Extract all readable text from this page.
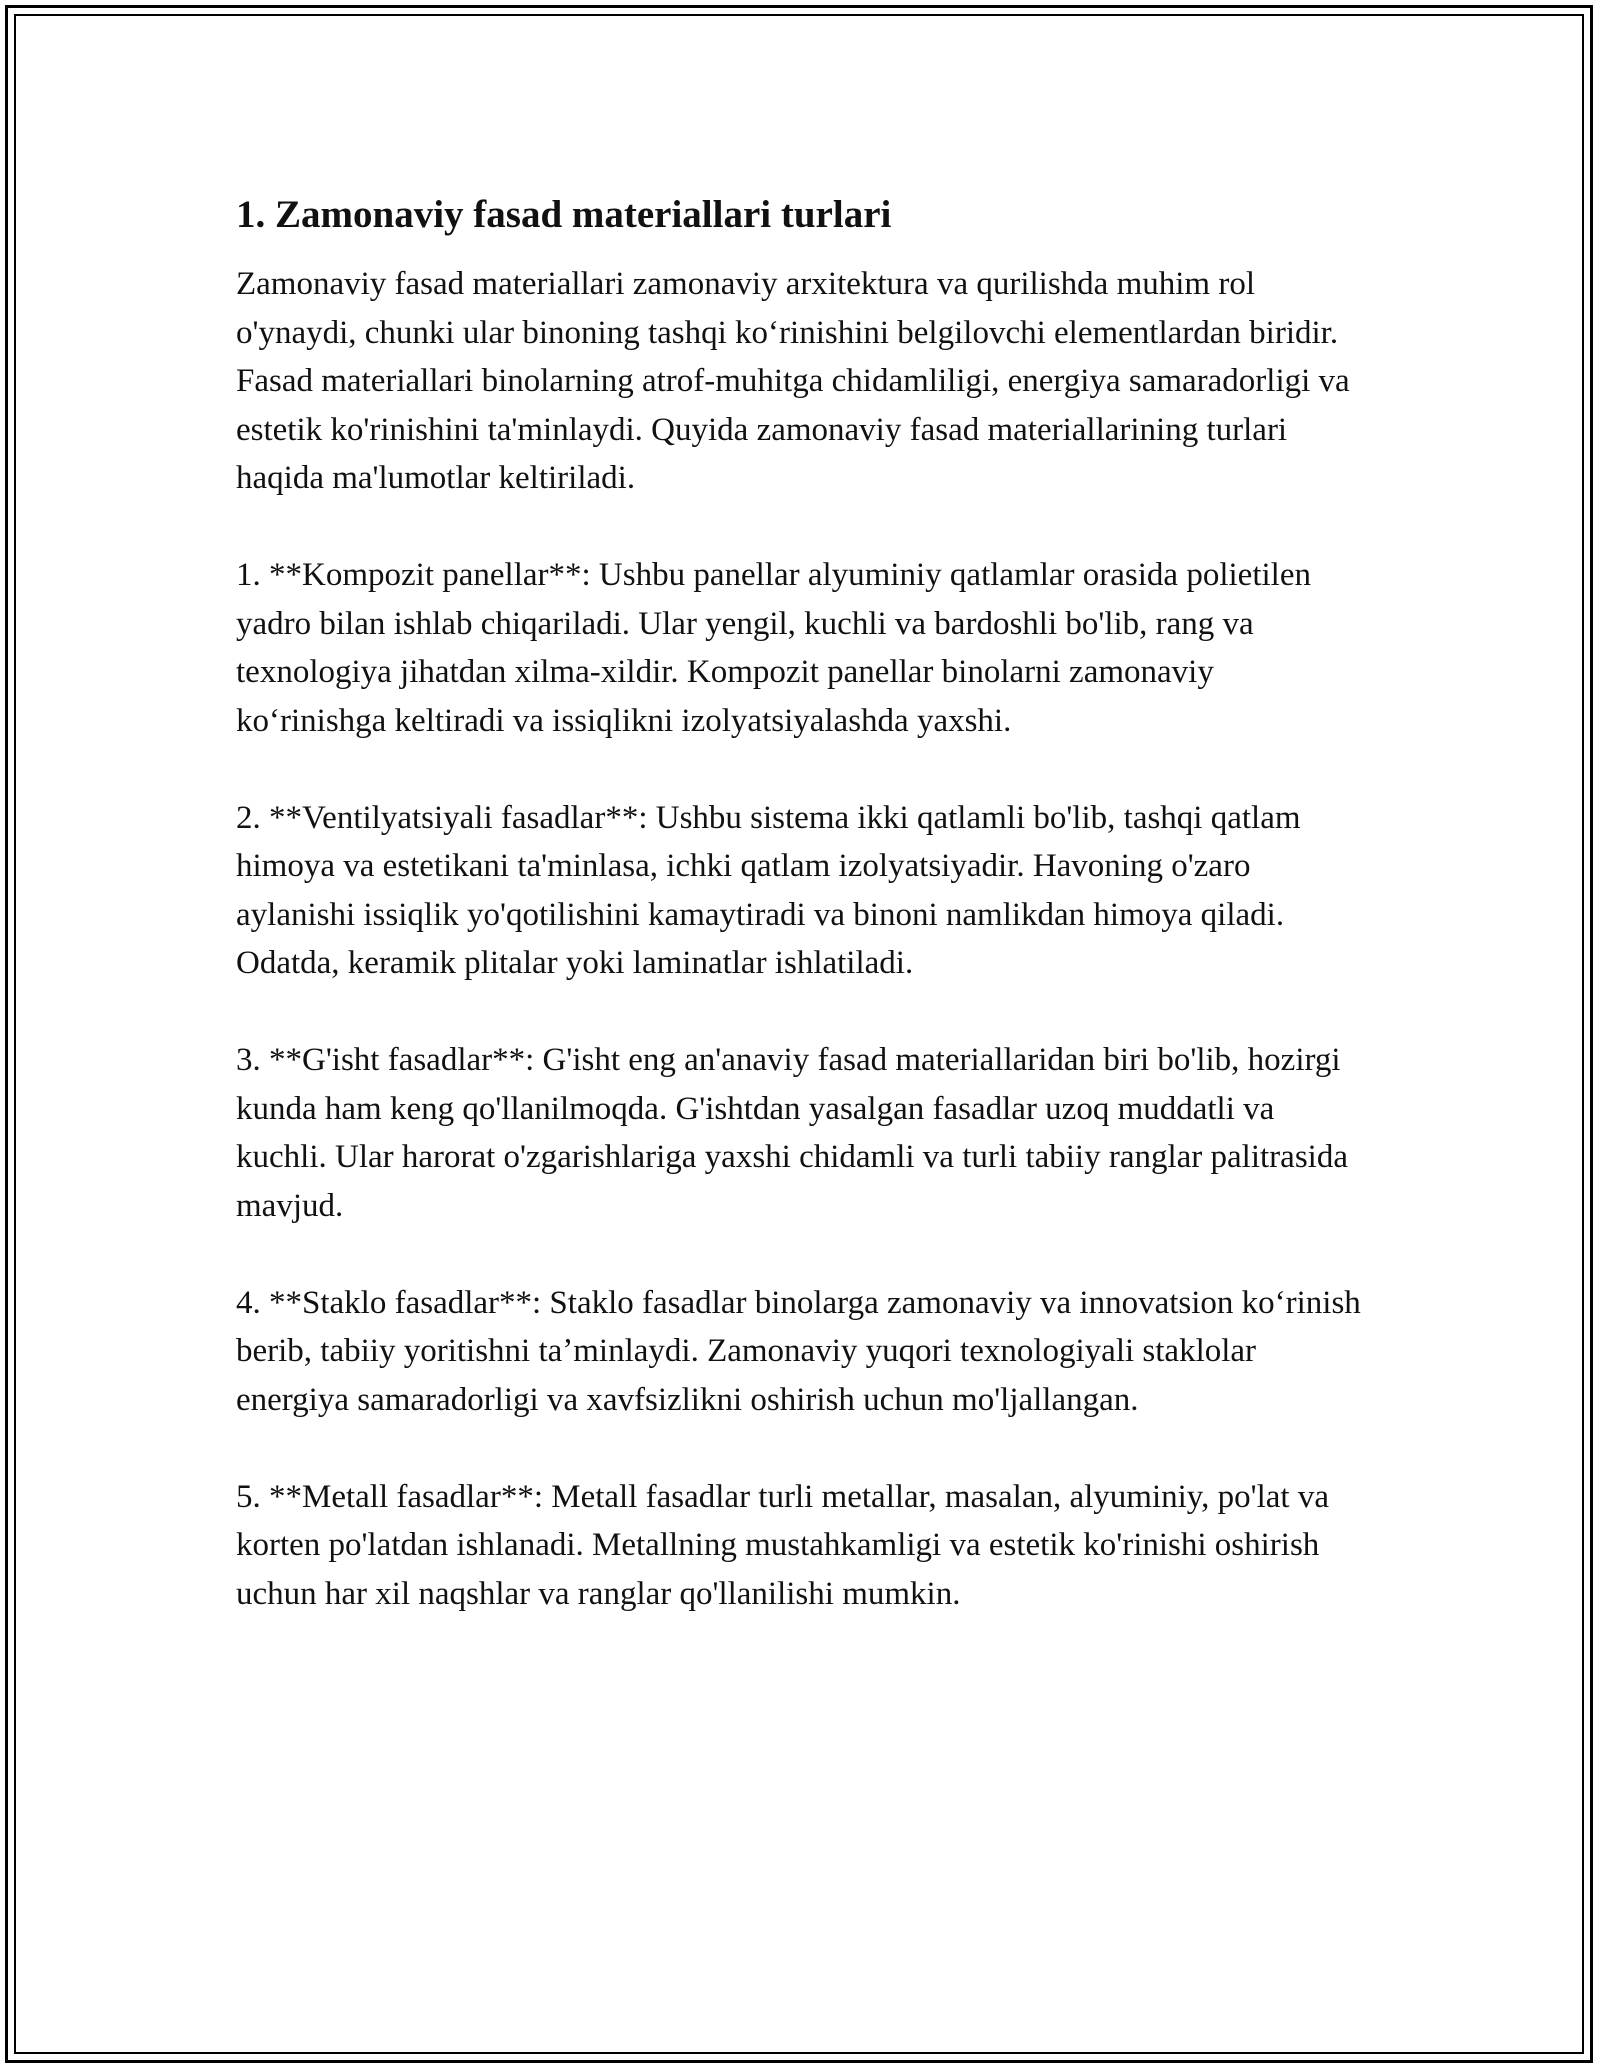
1. Zamonaviy fasad materiallari turlari

Zamonaviy fasad materiallari zamonaviy arxitektura va qurilishda muhim rol o'ynaydi, chunki ular binoning tashqi koʻrinishini belgilovchi elementlardan biridir. Fasad materiallari binolarning atrof-muhitga chidamliligi, energiya samaradorligi va estetik ko'rinishini ta'minlaydi. Quyida zamonaviy fasad materiallarining turlari haqida ma'lumotlar keltiriladi.

1. **Kompozit panellar**: Ushbu panellar alyuminiy qatlamlar orasida polietilen yadro bilan ishlab chiqariladi. Ular yengil, kuchli va bardoshli bo'lib, rang va texnologiya jihatdan xilma-xildir. Kompozit panellar binolarni zamonaviy koʻrinishga keltiradi va issiqlikni izolyatsiyalashda yaxshi.

2. **Ventilyatsiyali fasadlar**: Ushbu sistema ikki qatlamli bo'lib, tashqi qatlam himoya va estetikani ta'minlasa, ichki qatlam izolyatsiyadir. Havoning o'zaro aylanishi issiqlik yo'qotilishini kamaytiradi va binoni namlikdan himoya qiladi. Odatda, keramik plitalar yoki laminatlar ishlatiladi.

3. **G'isht fasadlar**: G'isht eng an'anaviy fasad materiallaridan biri bo'lib, hozirgi kunda ham keng qo'llanilmoqda. G'ishtdan yasalgan fasadlar uzoq muddatli va kuchli. Ular harorat o'zgarishlariga yaxshi chidamli va turli tabiiy ranglar palitrasida mavjud.

4. **Staklo fasadlar**: Staklo fasadlar binolarga zamonaviy va innovatsion koʻrinish berib, tabiiy yoritishni taʼminlaydi. Zamonaviy yuqori texnologiyali staklolar energiya samaradorligi va xavfsizlikni oshirish uchun mo'ljallangan.

5. **Metall fasadlar**: Metall fasadlar turli metallar, masalan, alyuminiy, po'lat va korten po'latdan ishlanadi. Metallning mustahkamligi va estetik ko'rinishi oshirish uchun har xil naqshlar va ranglar qo'llanilishi mumkin.
